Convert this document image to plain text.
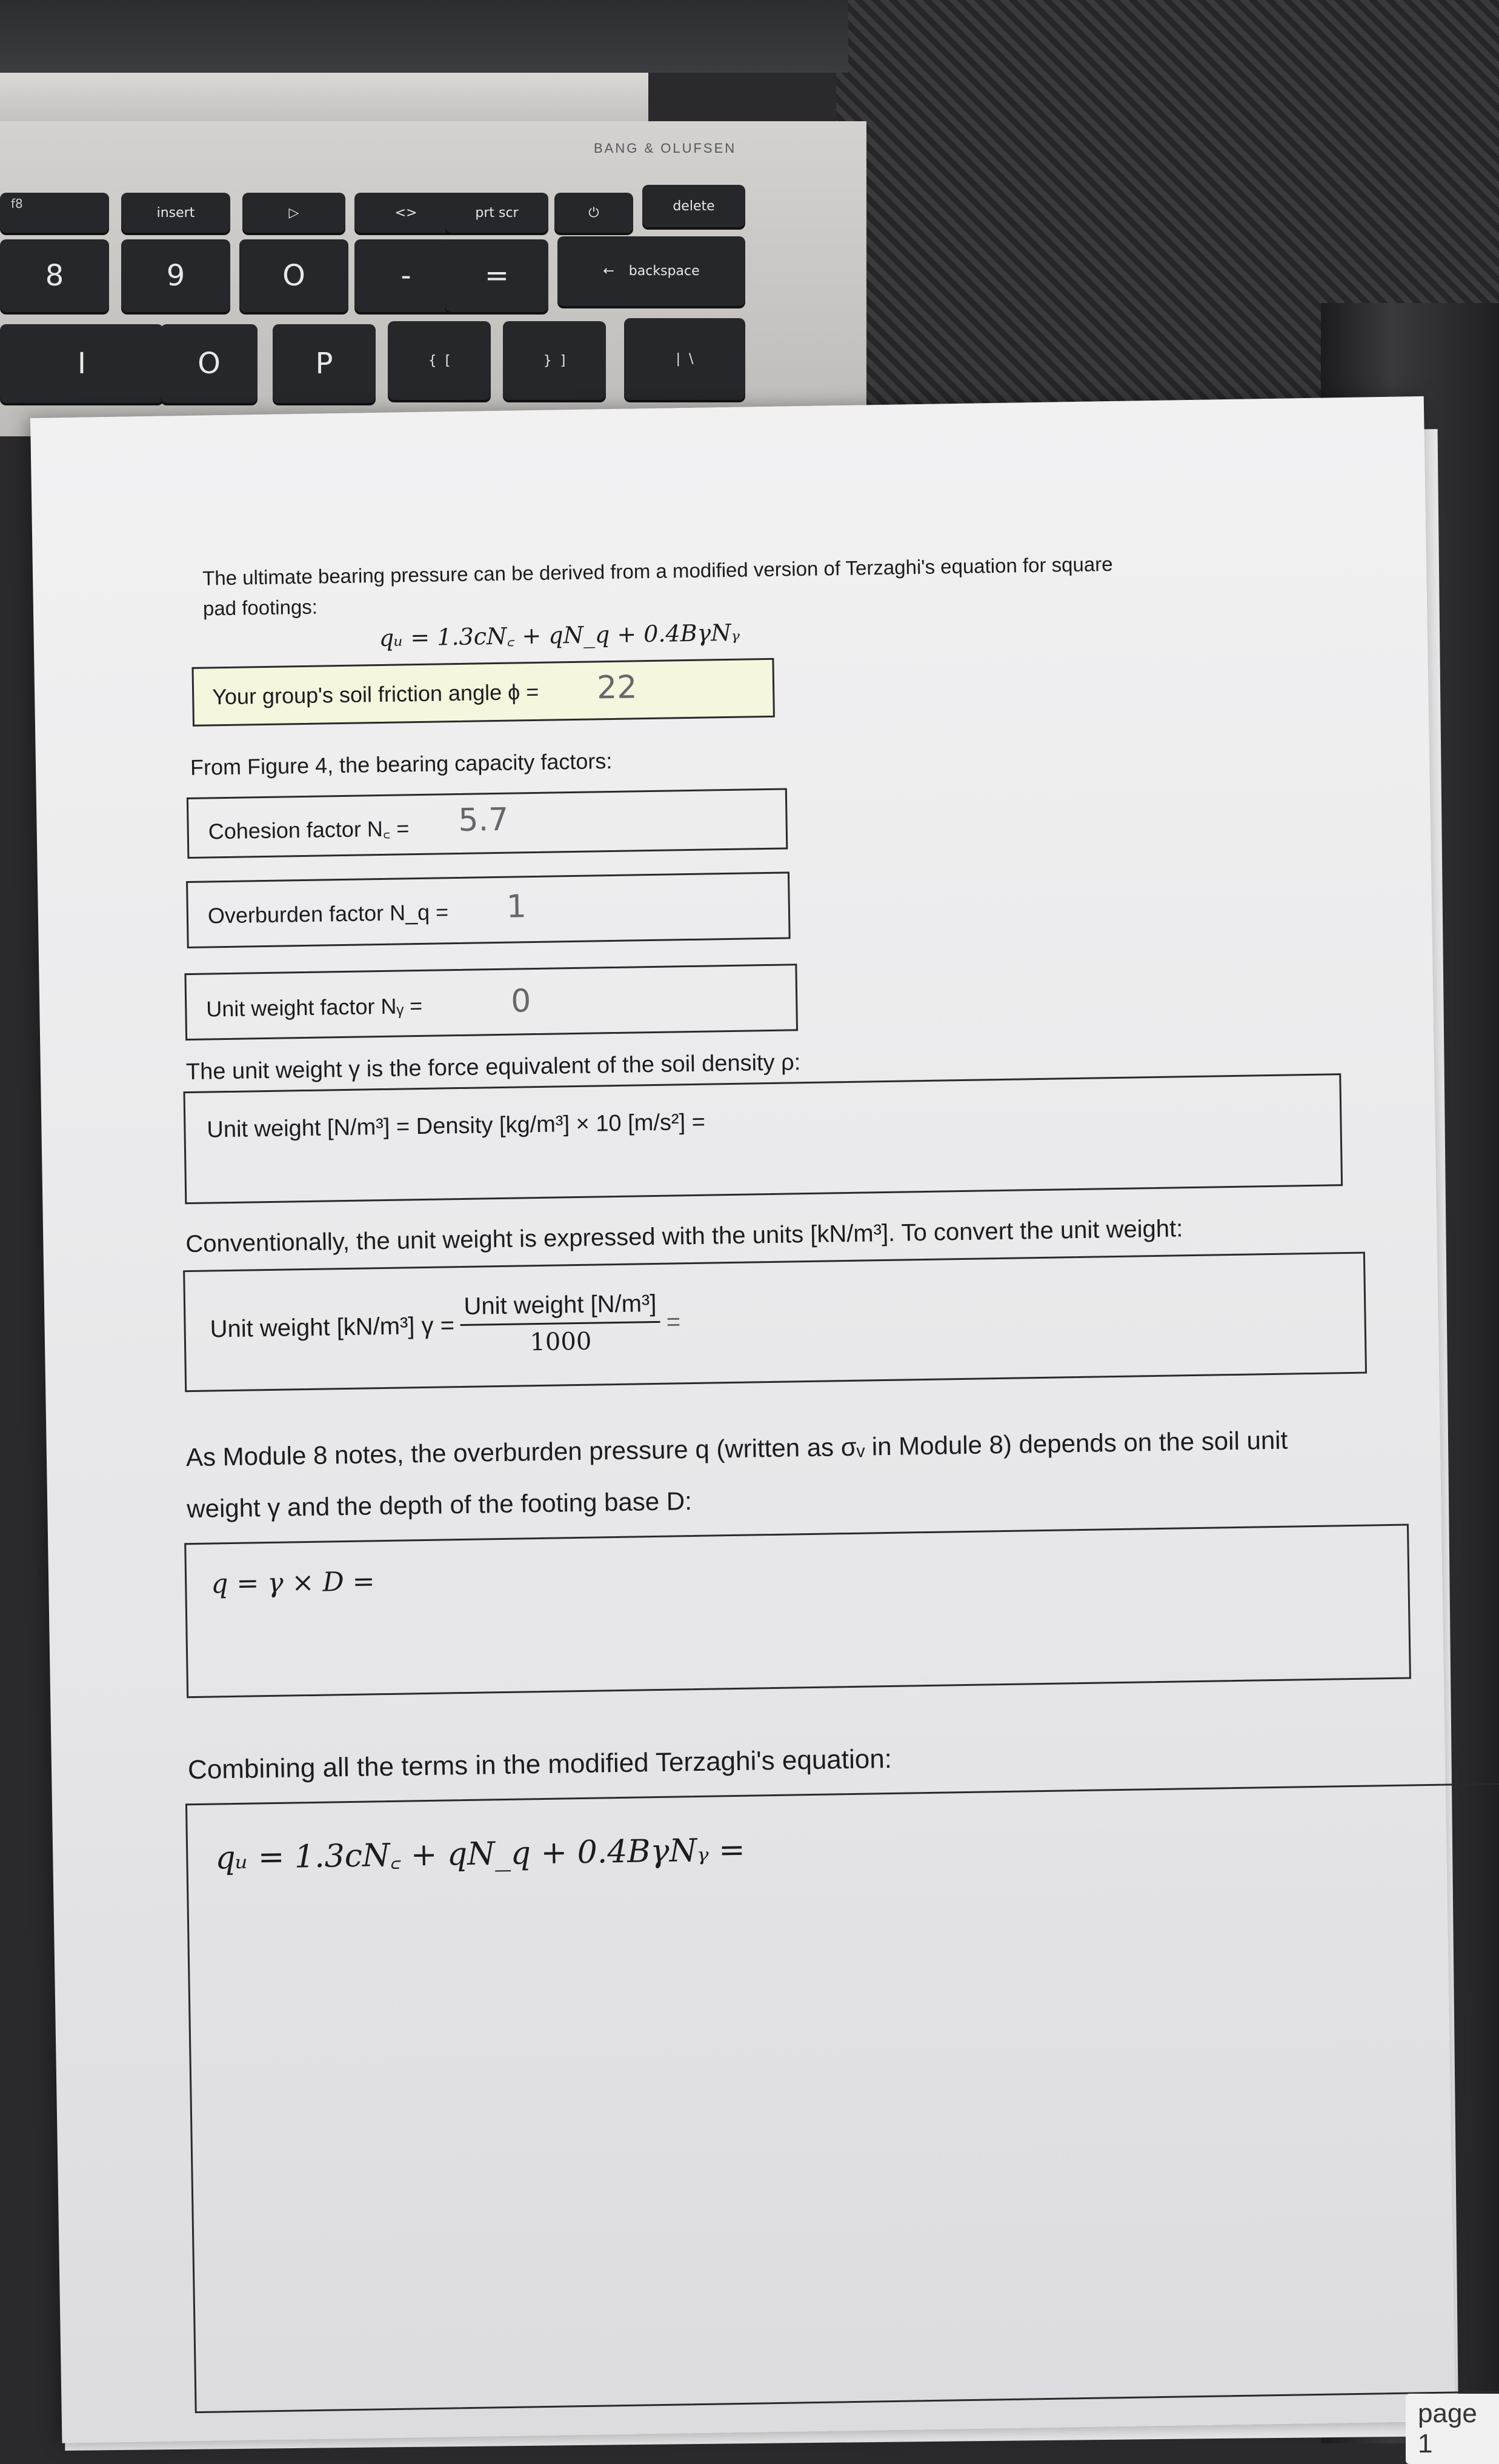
BANG & OLUFSEN
f8
insert	▷	<>	prt scr	⏻	delete
8	9	O	-	=	← backspace
I	O	P	{ [	} ]	| \
The ultimate bearing pressure can be derived from a modified version of Terzaghi's equation for square
pad footings:
qᵤ = 1.3cN꜀ + qN_q + 0.4BγNᵧ
Your group's soil friction angle ϕ = 22
From Figure 4, the bearing capacity factors:
Cohesion factor N꜀ = 5.7
Overburden factor N_q = 1
Unit weight factor Nᵧ =	0
The unit weight γ is the force equivalent of the soil density ρ:
Unit weight [N/m³] = Density [kg/m³] × 10 [m/s²] =
Conventionally, the unit weight is expressed with the units [kN/m³]. To convert the unit weight:
Unit weight [kN/m³] $\gamma = \frac{\text{Unit weight [N/m³]}}{1000}$ =
As Module 8 notes, the overburden pressure q (written as σᵥ in Module 8) depends on the soil unit
weight γ and the depth of the footing base D:
q = γ × D =
Combining all the terms in the modified Terzaghi's equation:
qᵤ = 1.3cN꜀ + qN_q + 0.4BγNᵧ =
page 1
